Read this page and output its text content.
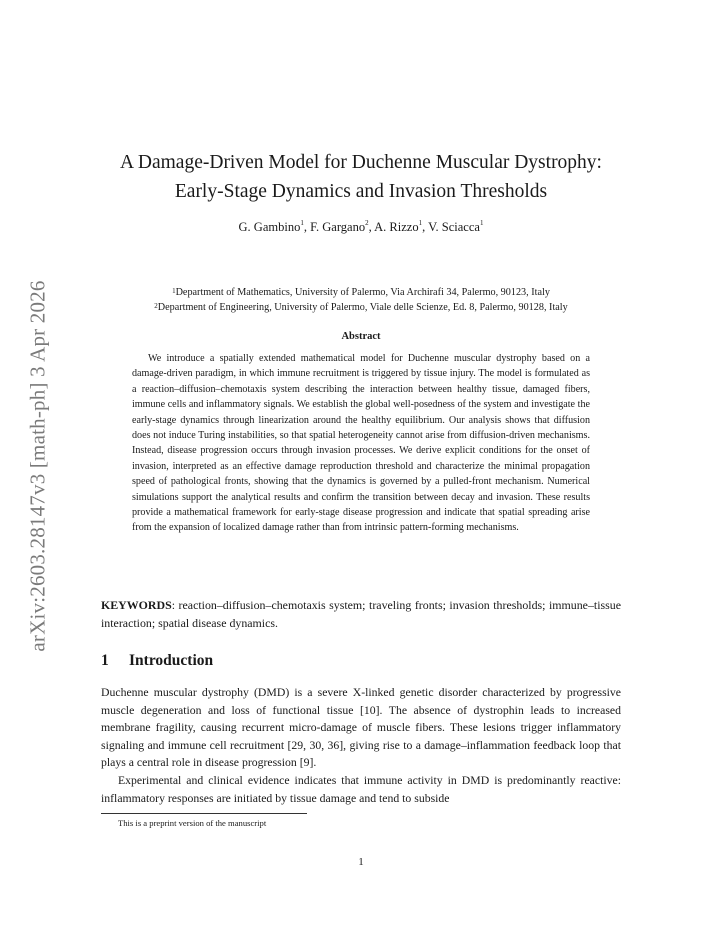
arXiv:2603.28147v3 [math-ph] 3 Apr 2026
A Damage-Driven Model for Duchenne Muscular Dystrophy:
Early-Stage Dynamics and Invasion Thresholds
G. Gambino$^1$, F. Gargano$^2$, A. Rizzo$^1$, V. Sciacca$^1$
$^1$Department of Mathematics, University of Palermo, Via Archirafi 34, Palermo, 90123, Italy
$^2$Department of Engineering, University of Palermo, Viale delle Scienze, Ed. 8, Palermo, 90128, Italy
Abstract
We introduce a spatially extended mathematical model for Duchenne muscular dystrophy based on a damage-driven paradigm, in which immune recruitment is triggered by tissue injury. The model is formulated as a reaction–diffusion–chemotaxis system describing the interaction between healthy tissue, damaged fibers, immune cells and inflammatory signals. We establish the global well-posedness of the system and investigate the early-stage dynamics through linearization around the healthy equilibrium. Our analysis shows that diffusion does not induce Turing instabilities, so that spatial heterogeneity cannot arise from diffusion-driven mechanisms. Instead, disease progression occurs through invasion processes. We derive explicit conditions for the onset of invasion, interpreted as an effective damage reproduction threshold and characterize the minimal propagation speed of pathological fronts, showing that the dynamics is governed by a pulled-front mechanism. Numerical simulations support the analytical results and confirm the transition between decay and invasion. These results provide a mathematical framework for early-stage disease progression and indicate that spatial spreading arise from the expansion of localized damage rather than from intrinsic pattern-forming mechanisms.
KEYWORDS: reaction–diffusion–chemotaxis system; traveling fronts; invasion thresholds; immune–tissue interaction; spatial disease dynamics.
1 Introduction

Duchenne muscular dystrophy (DMD) is a severe X-linked genetic disorder characterized by progressive muscle degeneration and loss of functional tissue [10]. The absence of dystrophin leads to increased membrane fragility, causing recurrent micro-damage of muscle fibers. These lesions trigger inflammatory signaling and immune cell recruitment [29, 30, 36], giving rise to a damage–inflammation feedback loop that plays a central role in disease progression [9].

Experimental and clinical evidence indicates that immune activity in DMD is predominantly reactive: inflammatory responses are initiated by tissue damage and tend to subside

This is a preprint version of the manuscript
1
